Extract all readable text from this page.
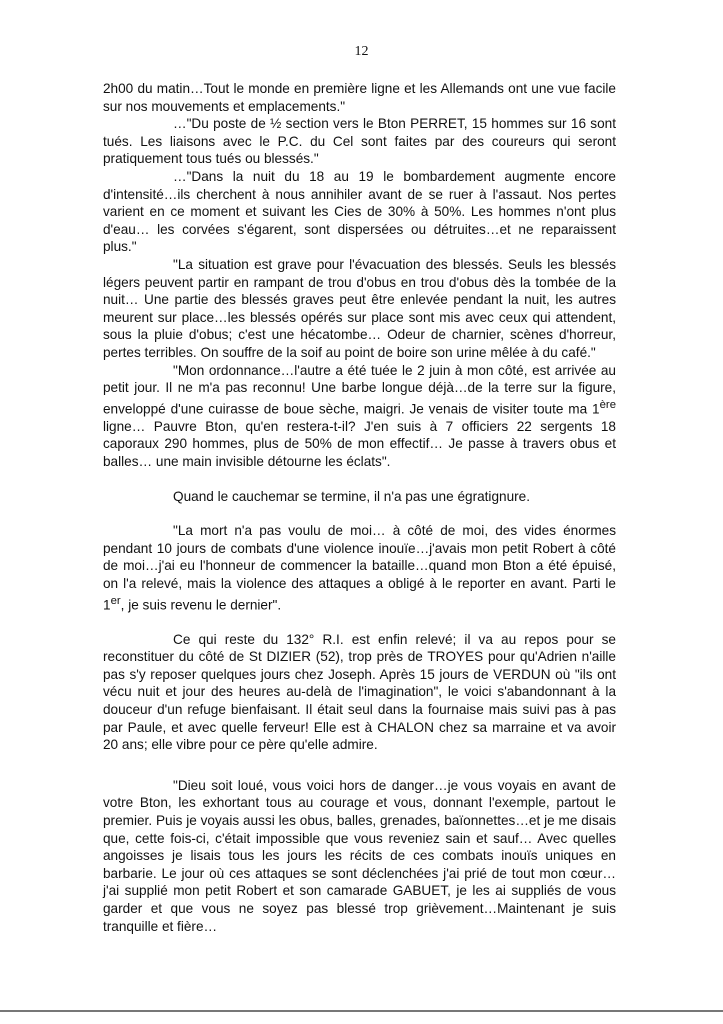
12

2h00 du matin…Tout le monde en première ligne et les Allemands ont une vue facile sur nos mouvements et emplacements."

…"Du poste de ½ section vers le Bton PERRET, 15 hommes sur 16 sont tués. Les liaisons avec le P.C. du Cel sont faites par des coureurs qui seront pratiquement tous tués ou blessés."

…"Dans la nuit du 18 au 19 le bombardement augmente encore d'intensité…ils cherchent à nous annihiler avant de se ruer à l'assaut. Nos pertes varient en ce moment et suivant les Cies de 30% à 50%. Les hommes n'ont plus d'eau… les corvées s'égarent, sont dispersées ou détruites…et ne reparaissent plus."

"La situation est grave pour l'évacuation des blessés. Seuls les blessés légers peuvent partir en rampant de trou d'obus en trou d'obus dès la tombée de la nuit… Une partie des blessés graves peut être enlevée pendant la nuit, les autres meurent sur place…les blessés opérés sur place sont mis avec ceux qui attendent, sous la pluie d'obus; c'est une hécatombe… Odeur de charnier, scènes d'horreur, pertes terribles. On souffre de la soif au point de boire son urine mêlée à du café."

"Mon ordonnance…l'autre a été tuée le 2 juin à mon côté, est arrivée au petit jour. Il ne m'a pas reconnu! Une barbe longue déjà…de la terre sur la figure, enveloppé d'une cuirasse de boue sèche, maigri. Je venais de visiter toute ma 1ère ligne… Pauvre Bton, qu'en restera-t-il? J'en suis à 7 officiers 22 sergents 18 caporaux 290 hommes, plus de 50% de mon effectif… Je passe à travers obus et balles… une main invisible détourne les éclats".

Quand le cauchemar se termine, il n'a pas une égratignure.

"La mort n'a pas voulu de moi… à côté de moi, des vides énormes pendant 10 jours de combats d'une violence inouïe…j'avais mon petit Robert à côté de moi…j'ai eu l'honneur de commencer la bataille…quand mon Bton a été épuisé, on l'a relevé, mais la violence des attaques a obligé à le reporter en avant. Parti le 1er, je suis revenu le dernier".

Ce qui reste du 132° R.I. est enfin relevé; il va au repos pour se reconstituer du côté de St DIZIER (52), trop près de TROYES pour qu'Adrien n'aille pas s'y reposer quelques jours chez Joseph. Après 15 jours de VERDUN où "ils ont vécu nuit et jour des heures au-delà de l'imagination", le voici s'abandonnant à la douceur d'un refuge bienfaisant. Il était seul dans la fournaise mais suivi pas à pas par Paule, et avec quelle ferveur! Elle est à CHALON chez sa marraine et va avoir 20 ans; elle vibre pour ce père qu'elle admire.

"Dieu soit loué, vous voici hors de danger…je vous voyais en avant de votre Bton, les exhortant tous au courage et vous, donnant l'exemple, partout le premier. Puis je voyais aussi les obus, balles, grenades, baïonnettes…et je me disais que, cette fois-ci, c'était impossible que vous reveniez sain et sauf… Avec quelles angoisses je lisais tous les jours les récits de ces combats inouïs uniques en barbarie. Le jour où ces attaques se sont déclenchées j'ai prié de tout mon cœur… j'ai supplié mon petit Robert et son camarade GABUET, je les ai suppliés de vous garder et que vous ne soyez pas blessé trop grièvement…Maintenant je suis tranquille et fière…
